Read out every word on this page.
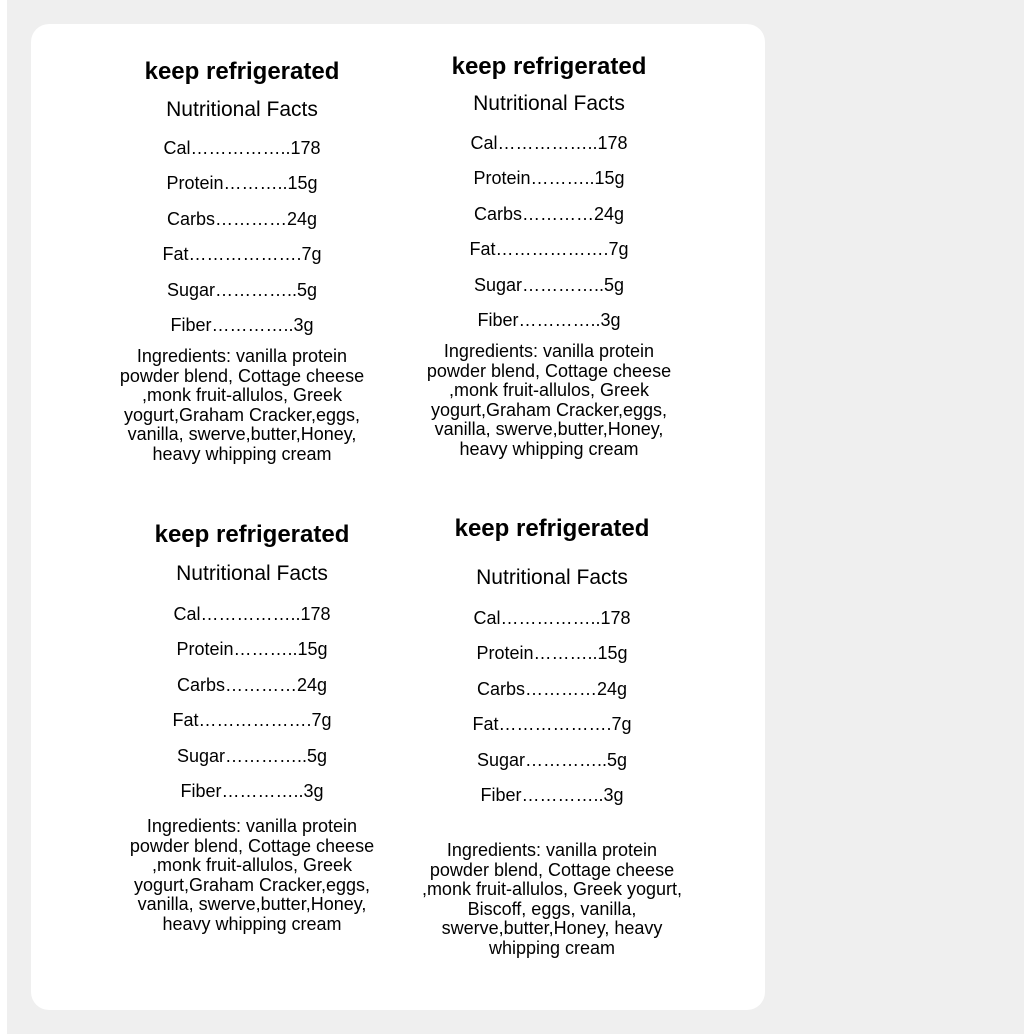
keep refrigerated
Nutritional Facts
Cal …………….. 178
Protein ……….. 15g
Carbs ………… 24g
Fat ………………. 7g
Sugar ………….. 5g
Fiber ………….. 3g

Ingredients: vanilla protein powder blend, Cottage cheese ,monk fruit-allulos, Greek yogurt,Graham Cracker,eggs, vanilla, swerve,butter,Honey, heavy whipping cream

keep refrigerated
Nutritional Facts
Cal …………….. 178
Protein ……….. 15g
Carbs ………… 24g
Fat ………………. 7g
Sugar ………….. 5g
Fiber ………….. 3g

Ingredients: vanilla protein powder blend, Cottage cheese ,monk fruit-allulos, Greek yogurt,Graham Cracker,eggs, vanilla, swerve,butter,Honey, heavy whipping cream

keep refrigerated
Nutritional Facts
Cal …………….. 178
Protein ……….. 15g
Carbs ………… 24g
Fat ………………. 7g
Sugar ………….. 5g
Fiber ………….. 3g

Ingredients: vanilla protein powder blend, Cottage cheese ,monk fruit-allulos, Greek yogurt,Graham Cracker,eggs, vanilla, swerve,butter,Honey, heavy whipping cream

keep refrigerated
Nutritional Facts
Cal …………….. 178
Protein ……….. 15g
Carbs ………… 24g
Fat ………………. 7g
Sugar ………….. 5g
Fiber ………….. 3g

Ingredients: vanilla protein powder blend, Cottage cheese ,monk fruit-allulos, Greek yogurt, Biscoff, eggs, vanilla, swerve,butter,Honey, heavy whipping cream
